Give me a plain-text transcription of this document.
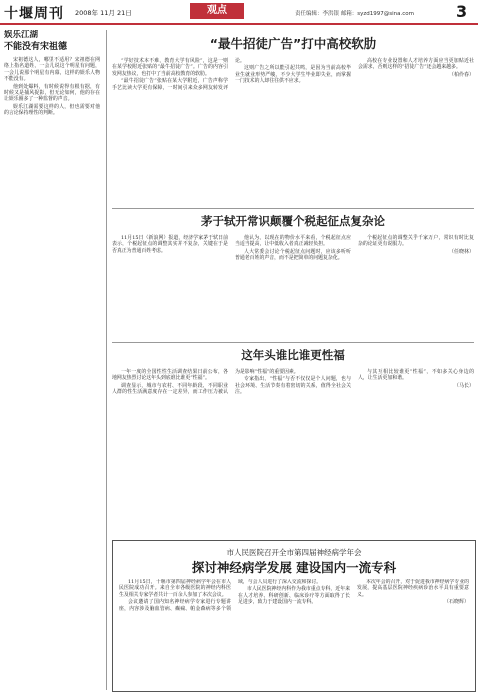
十堰周刊 2008年 11月 21日	观点	责任编辑：李洪银 邮箱：syzd1997@sina.com	3
娱乐江湖
不能没有宋祖德

宋祖德这人，哪里不适用？宋祖德在网络上指名道姓，一会儿说这个明星有问题，一会儿说那个明星有内幕，这样的娱乐人物不能没有。

他到处爆料，有时候说得有根有据，有时候又是捕风捉影，但无论如何，他的存在让娱乐圈多了一种监督的声音。

娱乐江湖需要这样的人，但也需要对他的言论保持理性的判断。

“最牛招徒广告”打中高校软肋

“学好技术本不难，教育大学有风险”，这是一则在某学校附近张贴的“最牛招徒广告”。广告的内容引发网友热议，也打中了当前高校教育的软肋。

“最牛招徒广告”张贴在某大学附近，广告声称学手艺比读大学更有保障，一时间引来众多网友转发评论。

这则广告之所以能引起共鸣，是因为当前高校毕业生就业形势严峻，不少大学生毕业即失业，而掌握一门技术的人却往往供不应求。

高校在专业设置和人才培养方面应当更加贴近社会需求，否则这样的“招徒广告”还会越来越多。

（柏伶春）
茅于轼开常识颠覆个税起征点复杂论

11月15日（新浪网）报道，经济学家茅于轼日前表示，个税起征点的调整其实并不复杂，关键在于是否真正为普通百姓考虑。

他认为，以现在的物价水平来看，个税起征点应当适当提高，让中低收入者真正减轻负担。

人大常委会讨论个税起征点问题时，应该多听听普通老百姓的声音，而不是把简单的问题复杂化。

个税起征点的调整关乎千家万户，常识有时比复杂的论证更有说服力。

（任晓林）
这年头谁比谁更性福

一年一度的全国性性生活调查结果日前公布，各地网友热烈讨论这年头到底谁比谁更“性福”。

调查显示，城市与农村、不同年龄段、不同职业人群的性生活满意度存在一定差异，而工作压力被认为是影响“性福”的重要因素。

专家指出，“性福”与否不仅仅是个人问题，也与社会环境、生活节奏有着密切的关系，值得全社会关注。

与其互相比较谁更“性福”，不如多关心身边的人，让生活更加和谐。

（马长）
市人民医院召开全市第四届神经病学年会
探讨神经病学发展 建设国内一流专科

11月15日，十堰市第四届神经病学年会在市人民医院成功召开。来自全市各级医院的神经内科医生及相关专家学者共计一百余人参加了本次会议。

会议邀请了国内知名神经病学专家进行专题讲座，内容涉及脑血管病、癫痫、帕金森病等多个领域，与会人员进行了深入交流和探讨。

市人民医院神经内科作为我市重点专科，近年来在人才培养、科研创新、临床诊疗等方面取得了长足进步，致力于建设国内一流专科。

本次年会的召开，对于促进我市神经病学专业的发展，提高基层医院神经疾病诊治水平具有重要意义。

（石晓辉）
